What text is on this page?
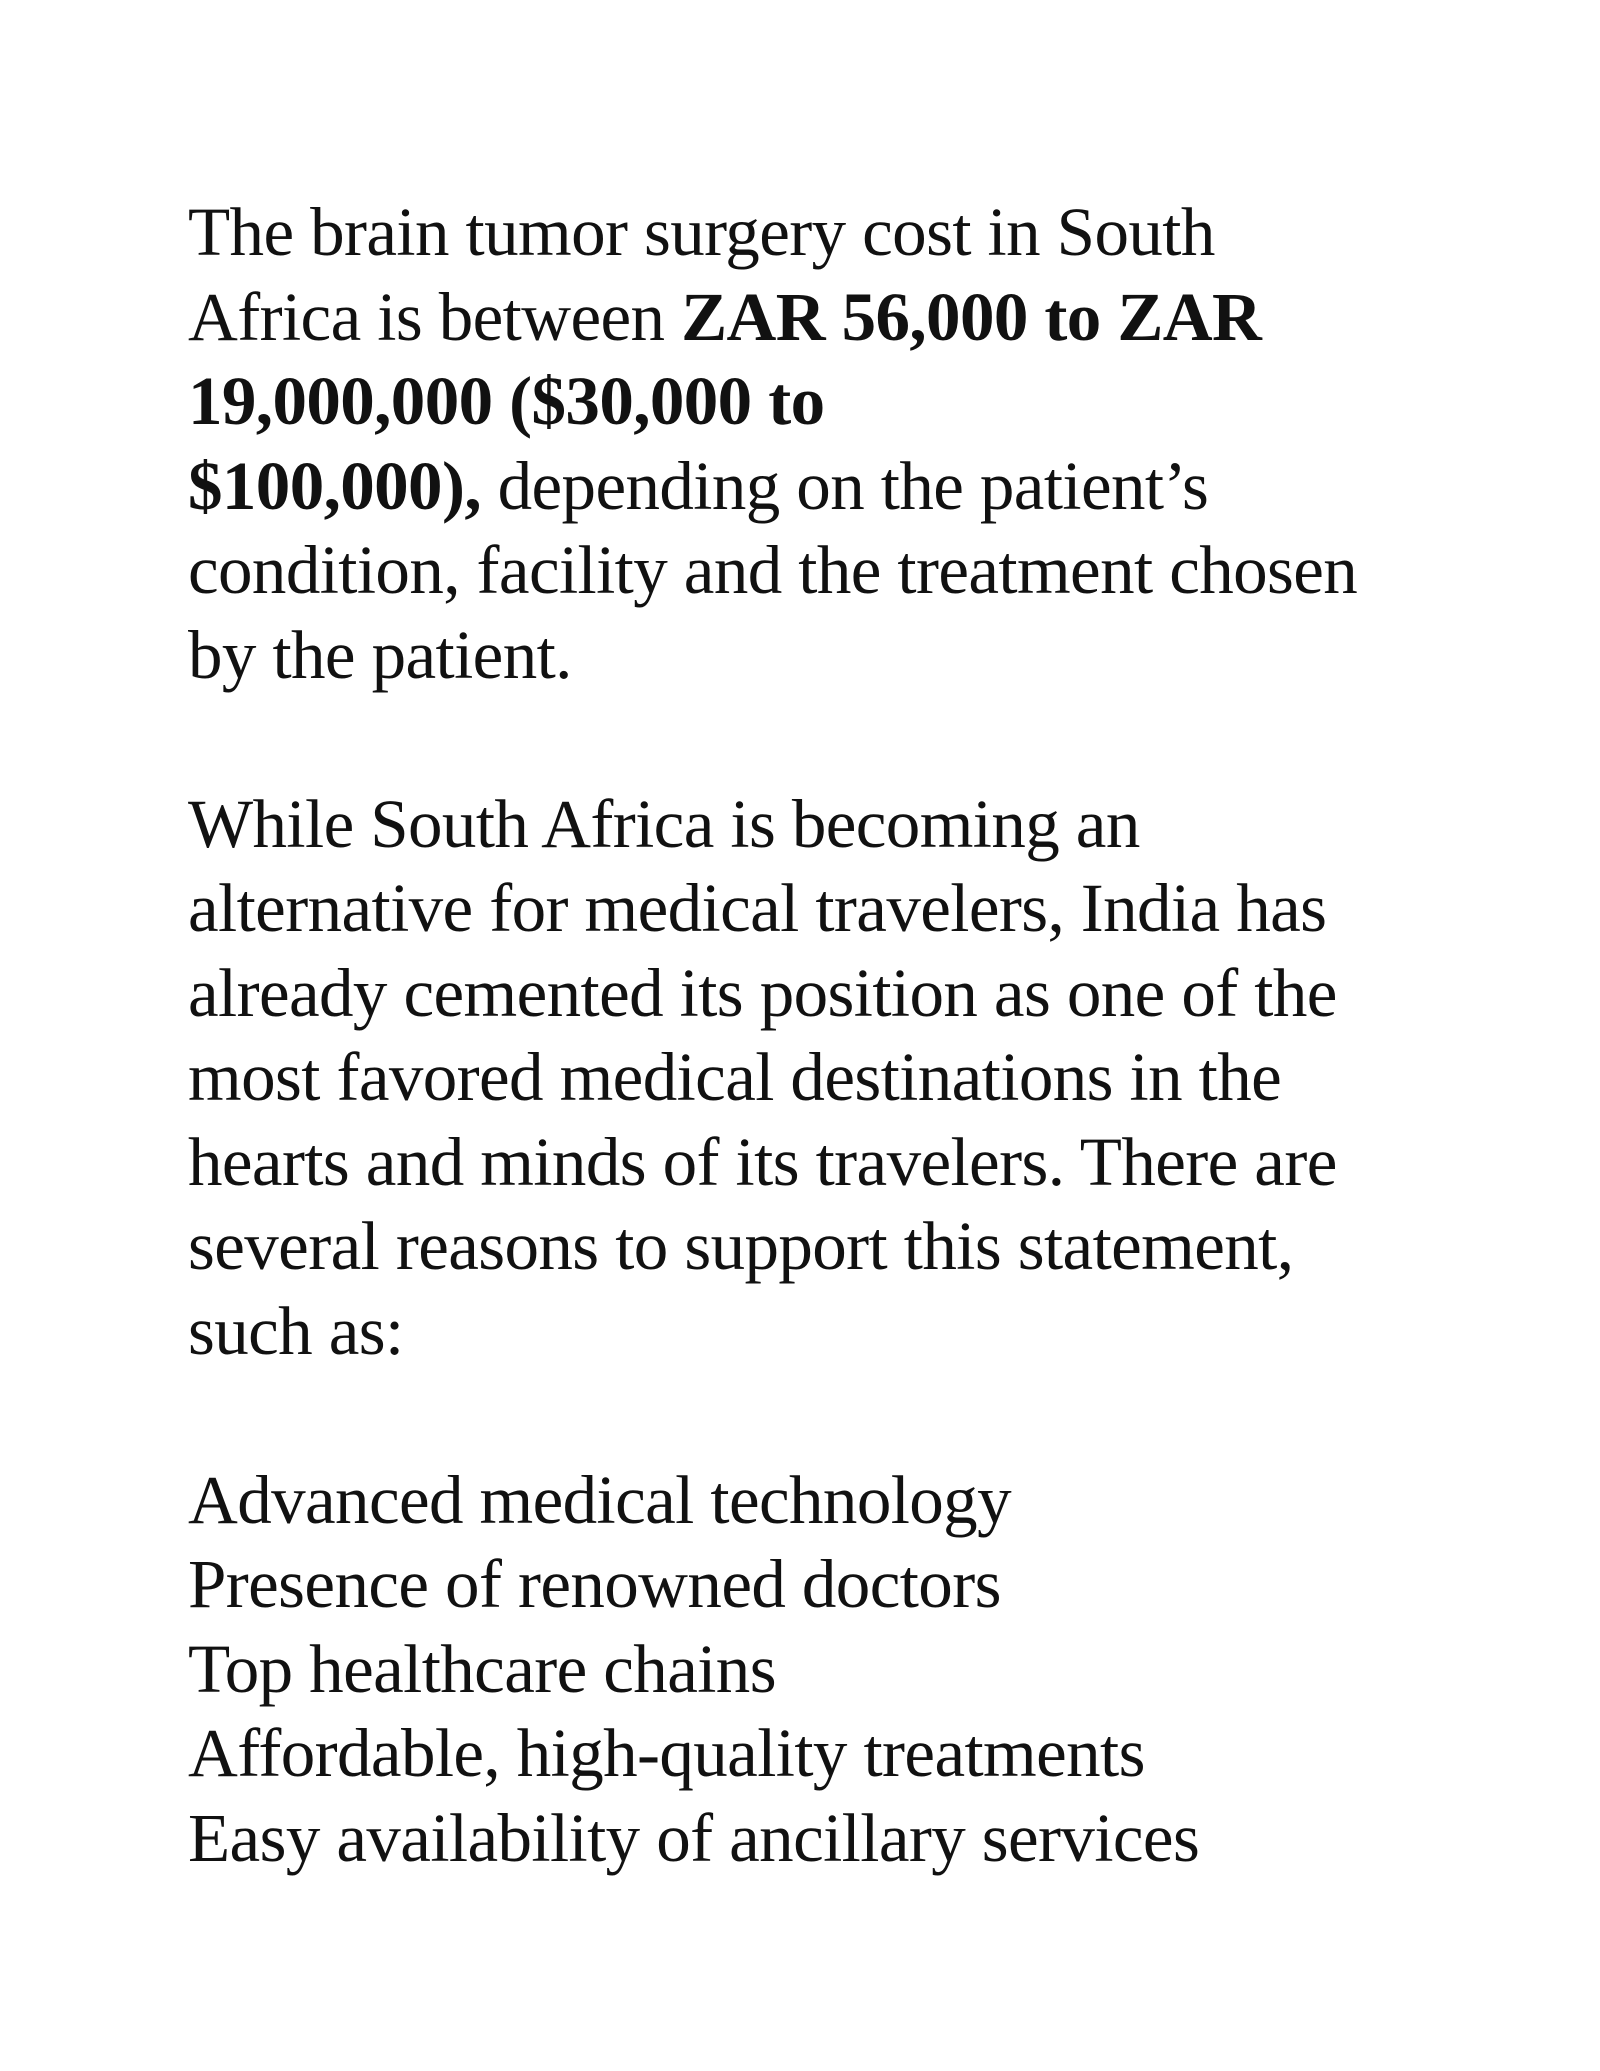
The brain tumor surgery cost in South
Africa is between ZAR 56,000 to ZAR
19,000,000 ($30,000 to
$100,000), depending on the patient’s
condition, facility and the treatment chosen
by the patient.

While South Africa is becoming an
alternative for medical travelers, India has
already cemented its position as one of the
most favored medical destinations in the
hearts and minds of its travelers. There are
several reasons to support this statement,
such as:

Advanced medical technology
Presence of renowned doctors
Top healthcare chains
Affordable, high-quality treatments
Easy availability of ancillary services
